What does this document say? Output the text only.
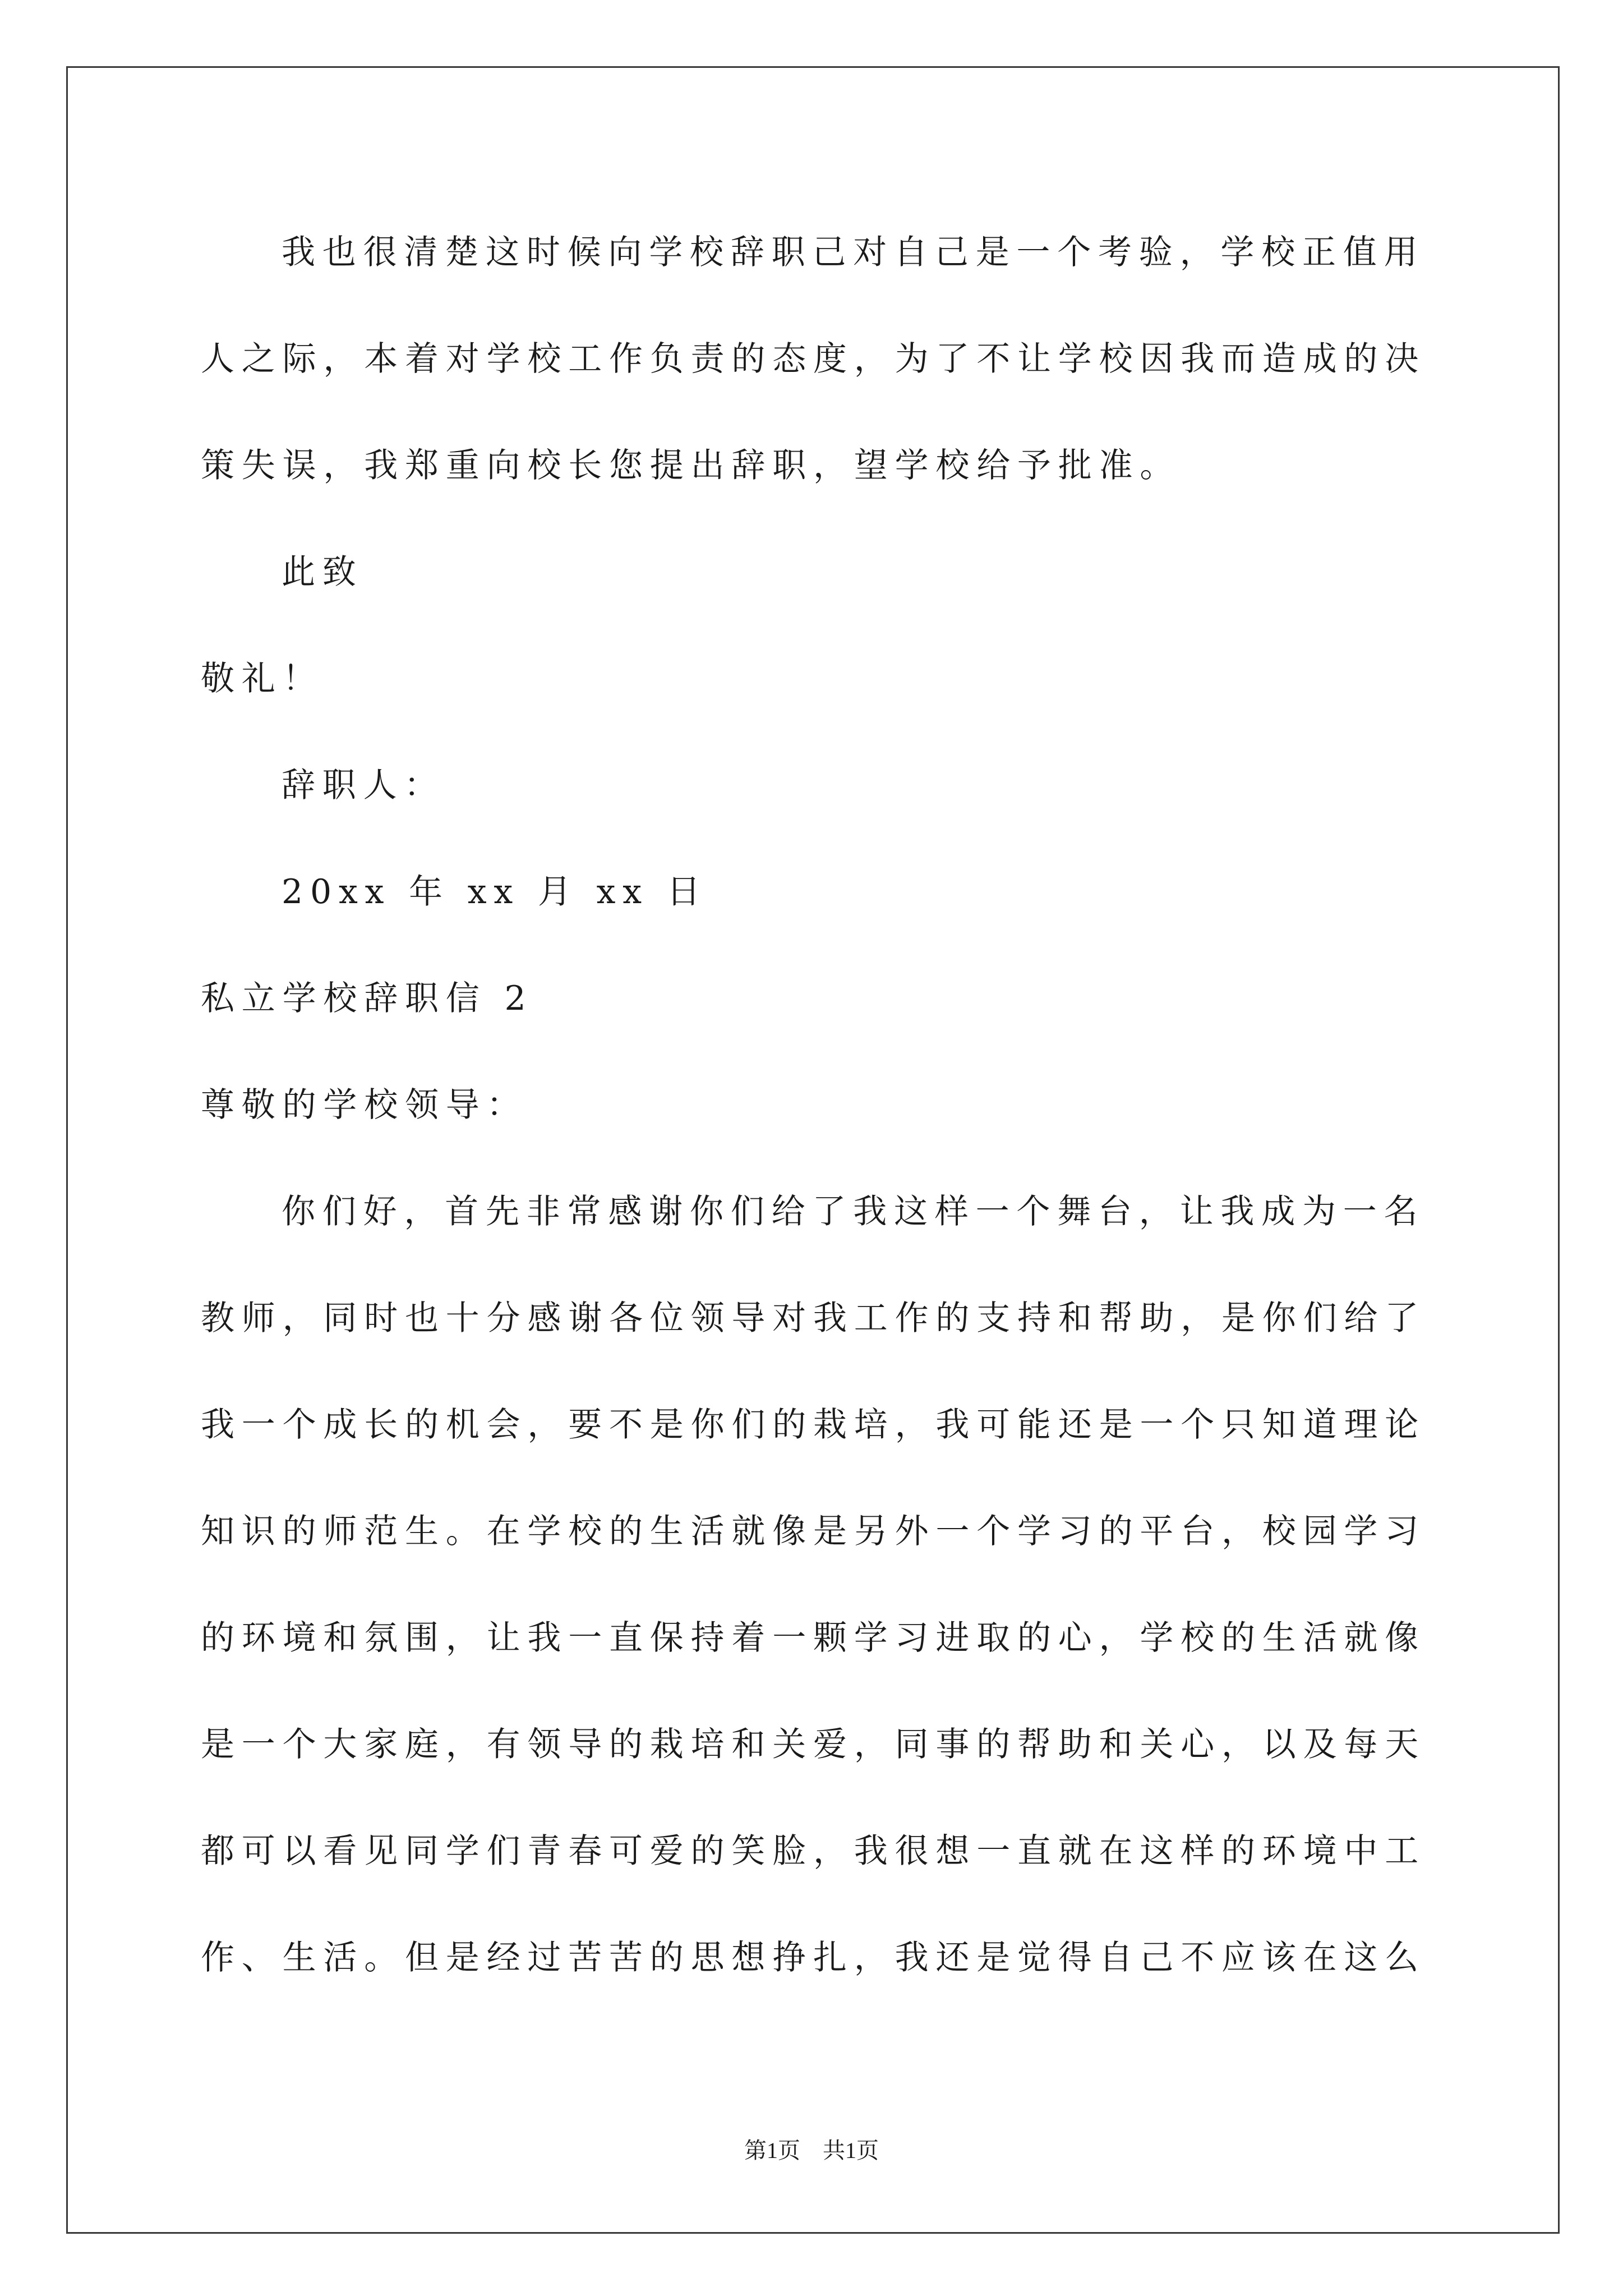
我也很清楚这时候向学校辞职己对自己是一个考验，学校正值用
人之际，本着对学校工作负责的态度，为了不让学校因我而造成的决
策失误，我郑重向校长您提出辞职，望学校给予批准。
此致
敬礼！
辞职人：
20xx 年 xx 月 xx 日
私立学校辞职信 2
尊敬的学校领导：
你们好，首先非常感谢你们给了我这样一个舞台，让我成为一名
教师，同时也十分感谢各位领导对我工作的支持和帮助，是你们给了
我一个成长的机会，要不是你们的栽培，我可能还是一个只知道理论
知识的师范生。在学校的生活就像是另外一个学习的平台，校园学习
的环境和氛围，让我一直保持着一颗学习进取的心，学校的生活就像
是一个大家庭，有领导的栽培和关爱，同事的帮助和关心，以及每天
都可以看见同学们青春可爱的笑脸，我很想一直就在这样的环境中工
作、生活。但是经过苦苦的思想挣扎，我还是觉得自己不应该在这么
第1页　共1页
